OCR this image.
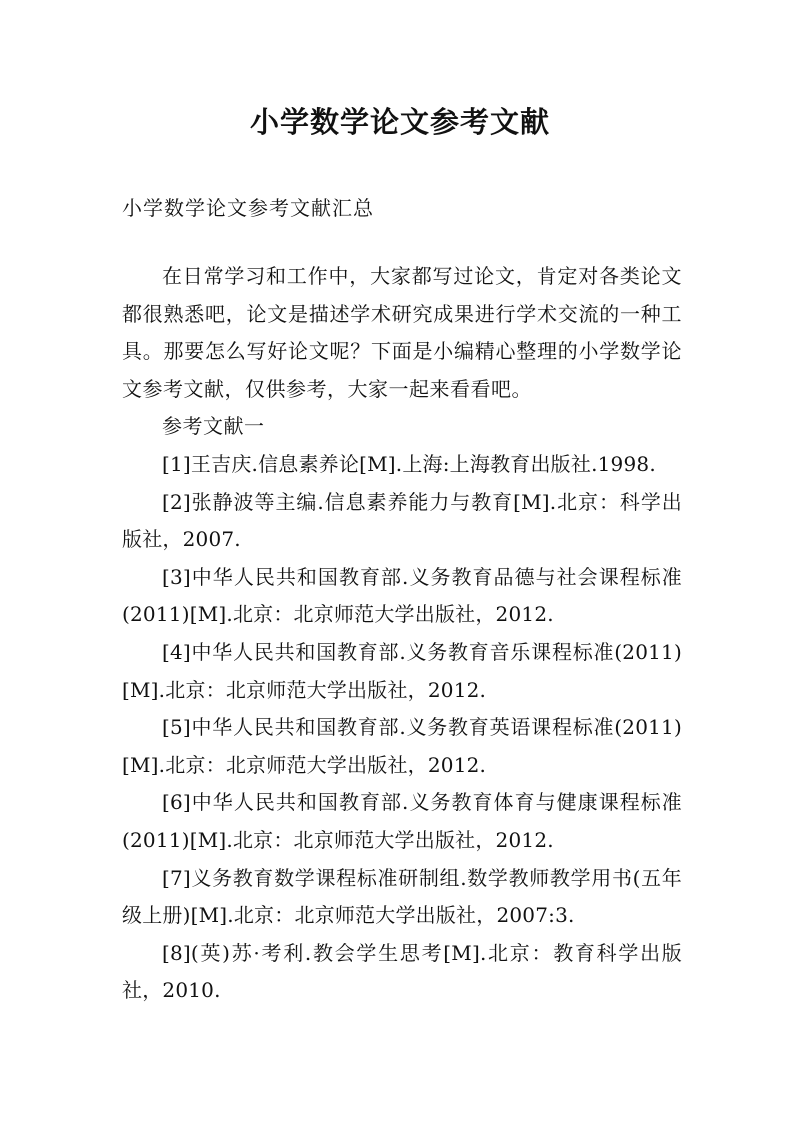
小学数学论文参考文献
小学数学论文参考文献汇总

在日常学习和工作中，大家都写过论文，肯定对各类论文都很熟悉吧，论文是描述学术研究成果进行学术交流的一种工具。那要怎么写好论文呢？下面是小编精心整理的小学数学论文参考文献，仅供参考，大家一起来看看吧。

参考文献一

[1]王吉庆.信息素养论[M].上海:上海教育出版社.1998.

[2]张静波等主编.信息素养能力与教育[M].北京：科学出版社，2007.

[3]中华人民共和国教育部.义务教育品德与社会课程标准(2011)[M].北京：北京师范大学出版社，2012.

[4]中华人民共和国教育部.义务教育音乐课程标准(2011)[M].北京：北京师范大学出版社，2012.

[5]中华人民共和国教育部.义务教育英语课程标准(2011)[M].北京：北京师范大学出版社，2012.

[6]中华人民共和国教育部.义务教育体育与健康课程标准(2011)[M].北京：北京师范大学出版社，2012.

[7]义务教育数学课程标准研制组.数学教师教学用书(五年级上册)[M].北京：北京师范大学出版社，2007:3.

[8](英)苏·考利.教会学生思考[M].北京：教育科学出版社，2010.
